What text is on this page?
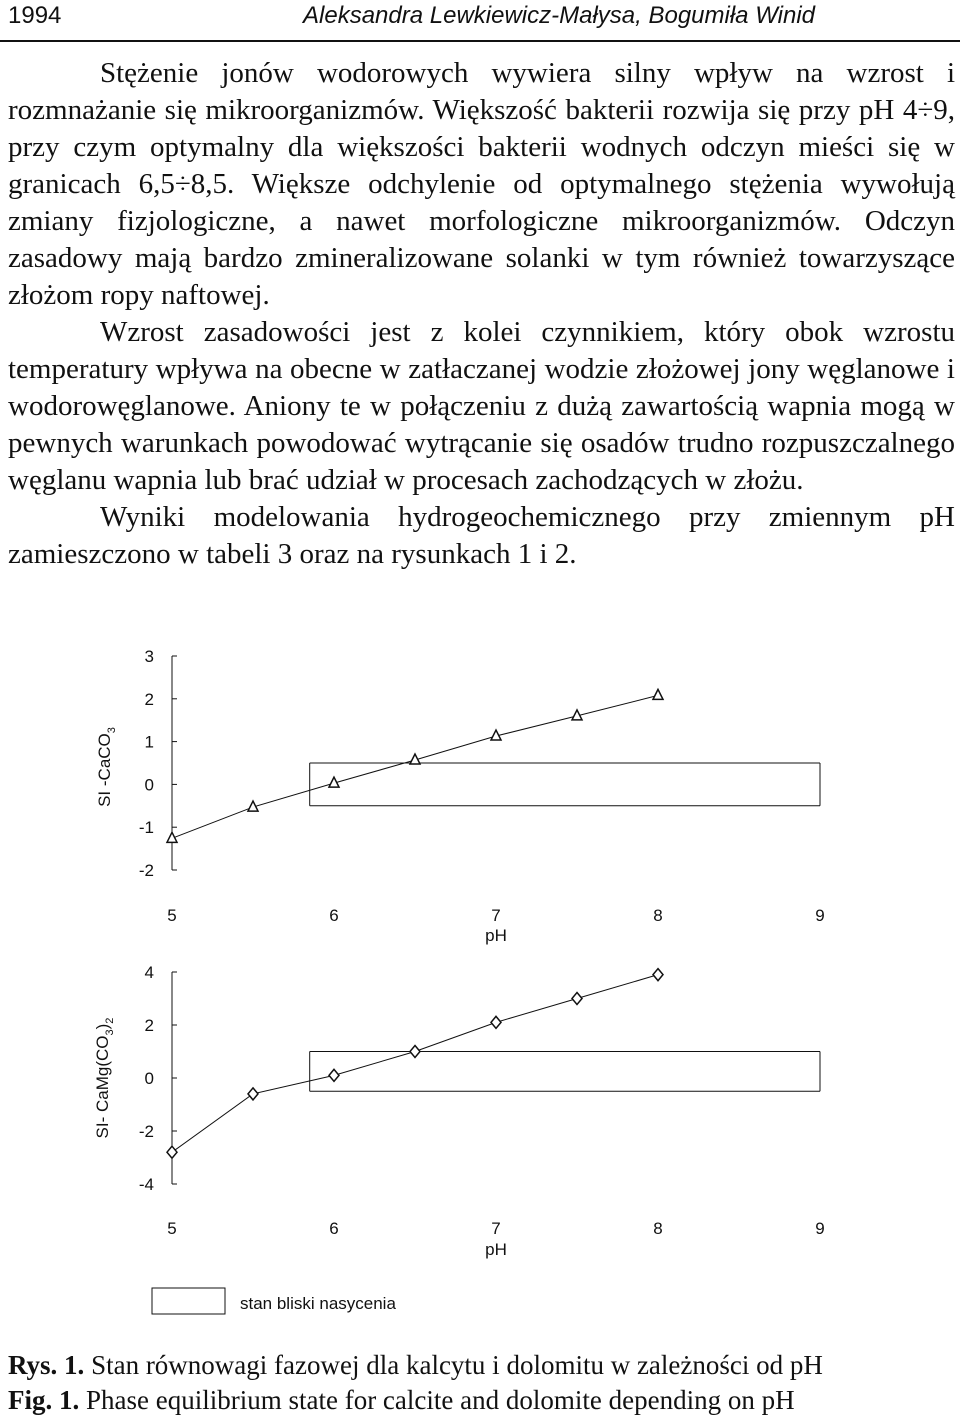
1994	Aleksandra Lewkiewicz-Małysa, Bogumiła Winid

Stężenie jonów wodorowych wywiera silny wpływ na wzrost i rozmnażanie się mikroorganizmów. Większość bakterii rozwija się przy pH 4÷9, przy czym optymalny dla większości bakterii wodnych odczyn mieści się w granicach 6,5÷8,5. Większe odchylenie od optymalnego stężenia wywołują zmiany fizjologiczne, a nawet morfologiczne mikroorganizmów. Odczyn zasadowy mają bardzo zmineralizowane solanki w tym również towarzyszące złożom ropy naftowej.

Wzrost zasadowości jest z kolei czynnikiem, który obok wzrostu temperatury wpływa na obecne w zatłaczanej wodzie złożowej jony węglanowe i wodorowęglanowe. Aniony te w połączeniu z dużą zawartością wapnia mogą w pewnych warunkach powodować wytrącanie się osadów trudno rozpuszczalnego węglanu wapnia lub brać udział w procesach zachodzących w złożu.

Wyniki modelowania hydrogeochemicznego przy zmiennym pH zamieszczono w tabeli 3 oraz na rysunkach 1 i 2.

3
2
1
0
-1
-2
5	6	7	8	9
pH
SI -CaCO$_3$
4
2
0
-2
-4
5	6	7	8	9
pH
SI- $CaMg(CO_3)_2$
stan bliski nasycenia
Rys. 1. Stan równowagi fazowej dla kalcytu i dolomitu w zależności od pH
Fig. 1. Phase equilibrium state for calcite and dolomite depending on pH
